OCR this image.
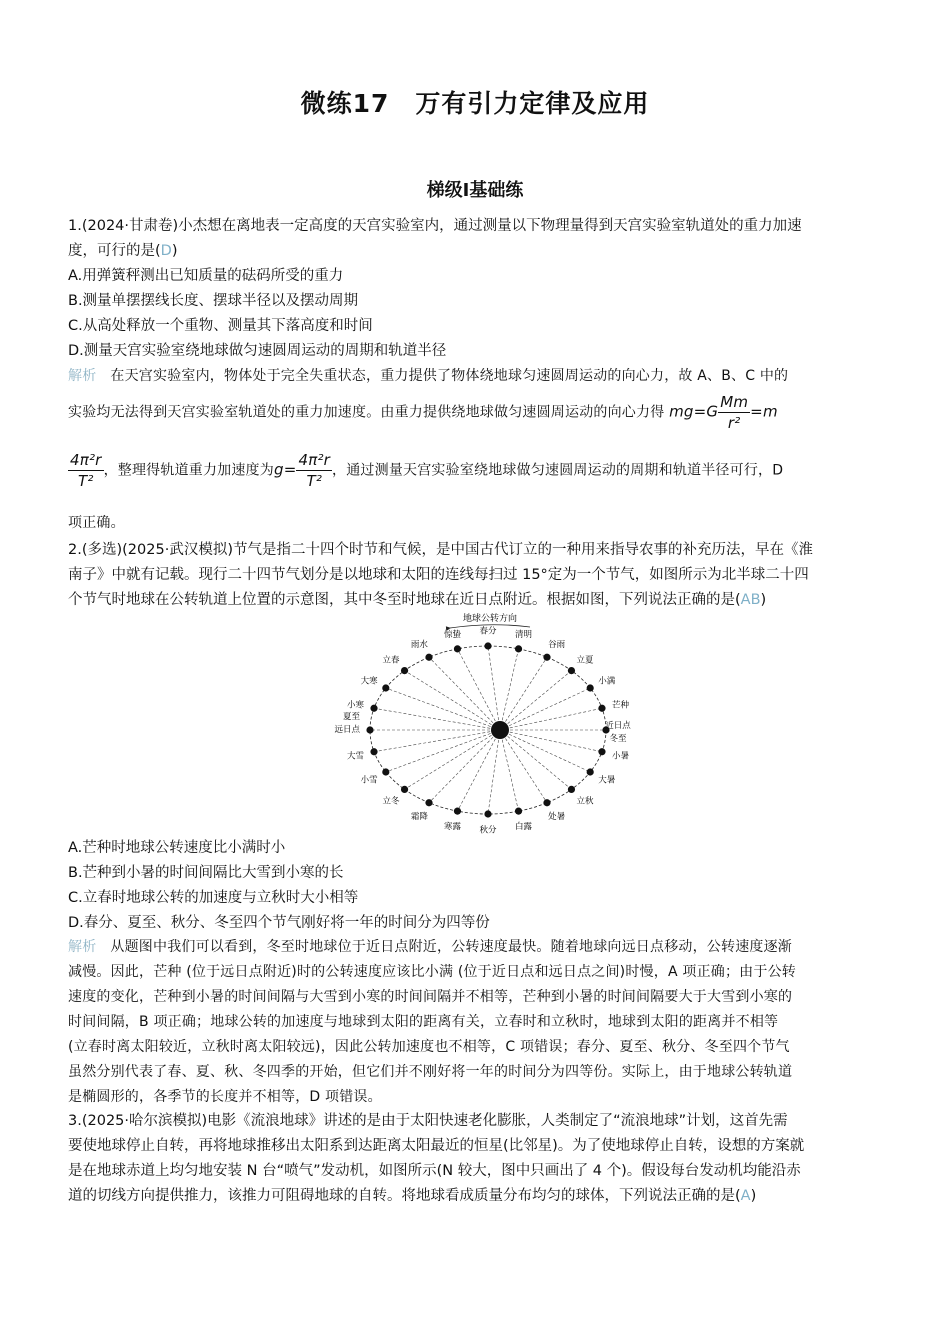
微练17　万有引力定律及应用
梯级Ⅰ基础练
1.(2024·甘肃卷)小杰想在离地表一定高度的天宫实验室内，通过测量以下物理量得到天宫实验室轨道处的重力加速
度，可行的是(D)
A.用弹簧秤测出已知质量的砝码所受的重力
B.测量单摆摆线长度、摆球半径以及摆动周期
C.从高处释放一个重物、测量其下落高度和时间
D.测量天宫实验室绕地球做匀速圆周运动的周期和轨道半径
解析 在天宫实验室内，物体处于完全失重状态，重力提供了物体绕地球匀速圆周运动的向心力，故 A、B、C 中的
实验均无法得到天宫实验室轨道处的重力加速度。由重力提供绕地球做匀速圆周运动的向心力得 $mg=G \frac{Mm}{\text{r²}} =m$
$\frac{\text{4π²r}}{\text{T²}}$ ，整理得轨道重力加速度为$g= \frac{\text{4π²r}}{\text{T²}}$ ，通过测量天宫实验室绕地球做匀速圆周运动的周期和轨道半径可行，D
项正确。
2.(多选)(2025·武汉模拟)节气是指二十四个时节和气候，是中国古代订立的一种用来指导农事的补充历法，早在《淮
南子》中就有记载。现行二十四节气划分是以地球和太阳的连线每扫过 15°定为一个节气，如图所示为北半球二十四
个节气时地球在公转轨道上位置的示意图，其中冬至时地球在近日点附近。根据如图，下列说法正确的是(AB)
地球公转方向
春分 清明
谷雨
立夏
小满
芒种
小暑
大暑
立秋
处暑
白露
秋分
寒露
霜降
立冬
小雪
大雪
小寒
大寒
立春
雨水
惊蛰
夏至
远日点	近日点
冬至
A.芒种时地球公转速度比小满时小
B.芒种到小暑的时间间隔比大雪到小寒的长
C.立春时地球公转的加速度与立秋时大小相等
D.春分、夏至、秋分、冬至四个节气刚好将一年的时间分为四等份
解析 从题图中我们可以看到，冬至时地球位于近日点附近，公转速度最快。随着地球向远日点移动，公转速度逐渐
减慢。因此，芒种 (位于远日点附近)时的公转速度应该比小满 (位于近日点和远日点之间)时慢，A 项正确；由于公转
速度的变化，芒种到小暑的时间间隔与大雪到小寒的时间间隔并不相等，芒种到小暑的时间间隔要大于大雪到小寒的
时间间隔，B 项正确；地球公转的加速度与地球到太阳的距离有关，立春时和立秋时，地球到太阳的距离并不相等
(立春时离太阳较近，立秋时离太阳较远)，因此公转加速度也不相等，C 项错误；春分、夏至、秋分、冬至四个节气
虽然分别代表了春、夏、秋、冬四季的开始，但它们并不刚好将一年的时间分为四等份。实际上，由于地球公转轨道
是椭圆形的，各季节的长度并不相等，D 项错误。
3.(2025·哈尔滨模拟)电影《流浪地球》讲述的是由于太阳快速老化膨胀，人类制定了“流浪地球”计划，这首先需
要使地球停止自转，再将地球推移出太阳系到达距离太阳最近的恒星(比邻星)。为了使地球停止自转，设想的方案就
是在地球赤道上均匀地安装 N 台“喷气”发动机，如图所示(N 较大，图中只画出了 4 个)。假设每台发动机均能沿赤
道的切线方向提供推力，该推力可阻碍地球的自转。将地球看成质量分布均匀的球体，下列说法正确的是(A)
